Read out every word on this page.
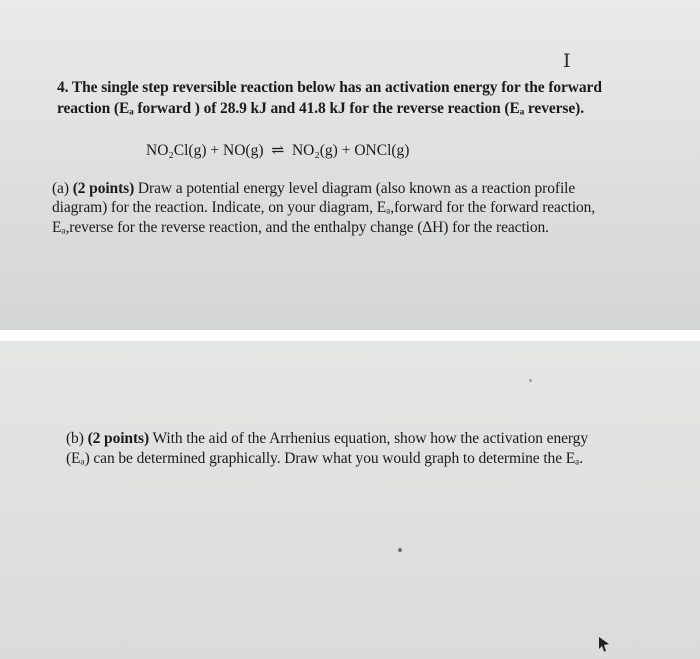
I
4. The single step reversible reaction below has an activation energy for the forward
reaction (Eₐ forward ) of 28.9 kJ and 41.8 kJ for the reverse reaction (Eₐ reverse).
NO₂Cl(g) + NO(g) ⇌ NO₂(g) + ONCl(g)
(a) (2 points) Draw a potential energy level diagram (also known as a reaction profile
diagram) for the reaction. Indicate, on your diagram, Eₐ,forward for the forward reaction,
Eₐ,reverse for the reverse reaction, and the enthalpy change (ΔH) for the reaction.
(b) (2 points) With the aid of the Arrhenius equation, show how the activation energy
(Eₐ) can be determined graphically. Draw what you would graph to determine the Eₐ.
